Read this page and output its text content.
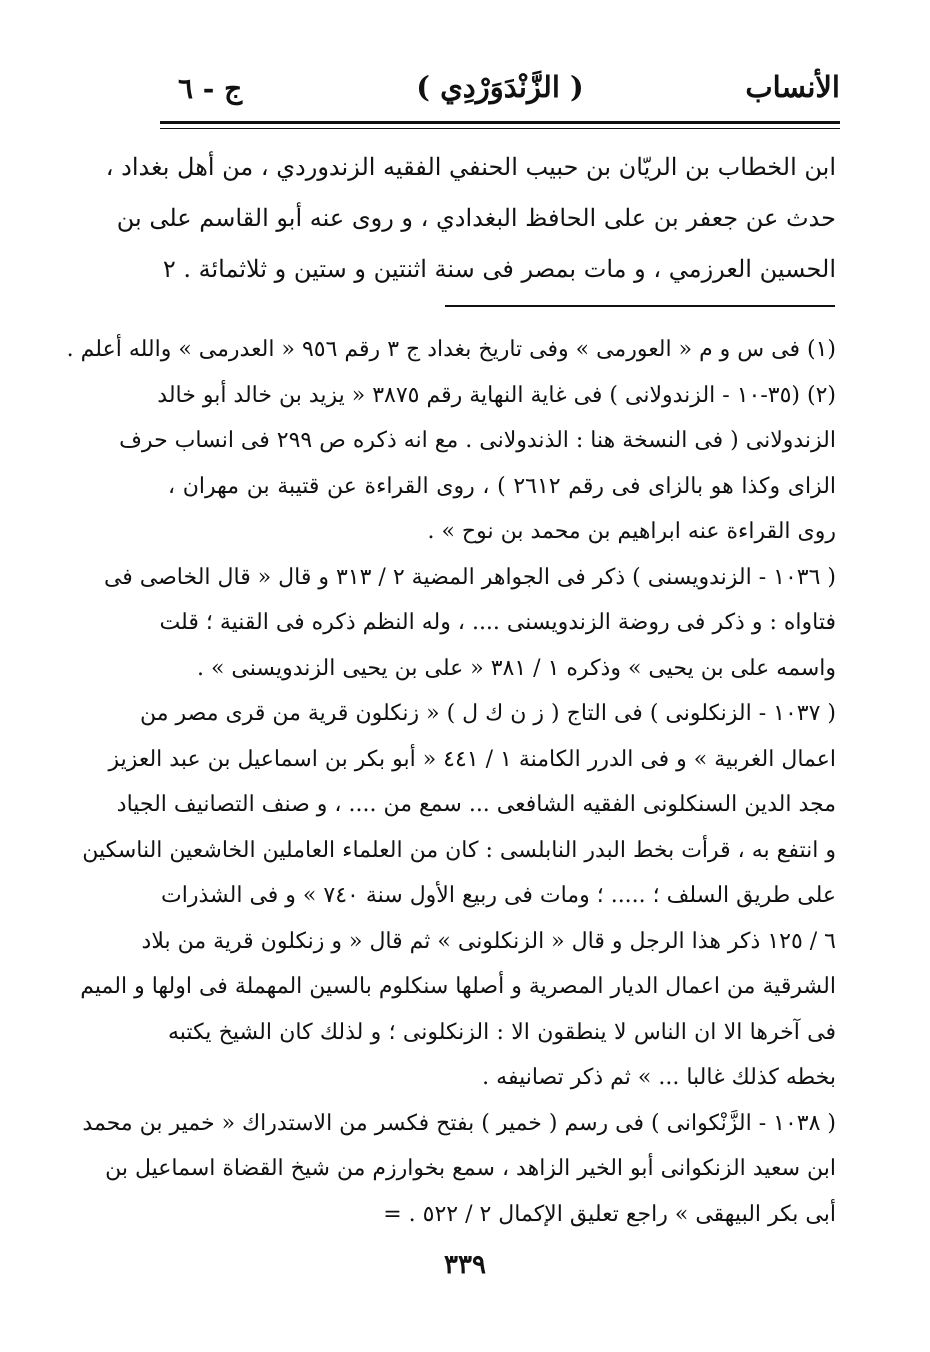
الأنساب
( الزَّنْدَوَرْدِي )
ج - ٦
ابن الخطاب بن الريّان بن حبيب الحنفي الفقيه الزندوردي ، من أهل بغداد ،
حدث عن جعفر بن على الحافظ البغدادي ، و روى عنه أبو القاسم على بن
الحسين العرزمي ، و مات بمصر فى سنة اثنتين و ستين و ثلاثمائة . ٢
(١) فى س و م « العورمى » وفى تاريخ بغداد ج ٣ رقم ٩٥٦ « العدرمى » والله أعلم .
(٢) (٣٥-١٠ - الزندولانى ) فى غاية النهاية رقم ٣٨٧٥ « يزيد بن خالد أبو خالد
الزندولانى ( فى النسخة هنا : الذندولانى . مع انه ذكره ص ٢٩٩ فى انساب حرف
الزاى وكذا هو بالزاى فى رقم ٢٦١٢ ) ، روى القراءة عن قتيبة بن مهران ،
روى القراءة عنه ابراهيم بن محمد بن نوح » .
( ١٠٣٦ - الزندويسنى ) ذكر فى الجواهر المضية ٢ / ٣١٣ و قال « قال الخاصى فى
فتاواه : و ذكر فى روضة الزندويسنى .... ، وله النظم ذكره فى القنية ؛ قلت
واسمه على بن يحيى » وذكره ١ / ٣٨١ « على بن يحيى الزندويسنى » .
( ١٠٣٧ - الزنكلونى ) فى التاج ( ز ن ك ل ) « زنكلون قرية من قرى مصر من
اعمال الغربية » و فى الدرر الكامنة ١ / ٤٤١ « أبو بكر بن اسماعيل بن عبد العزيز
مجد الدين السنكلونى الفقيه الشافعى ... سمع من .... ، و صنف التصانيف الجياد
و انتفع به ، قرأت بخط البدر النابلسى : كان من العلماء العاملين الخاشعين الناسكين
على طريق السلف ؛ ..... ؛ ومات فى ربيع الأول سنة ٧٤٠ » و فى الشذرات
٦ / ١٢٥ ذكر هذا الرجل و قال « الزنكلونى » ثم قال « و زنكلون قرية من بلاد
الشرقية من اعمال الديار المصرية و أصلها سنكلوم بالسين المهملة فى اولها و الميم
فى آخرها الا ان الناس لا ينطقون الا : الزنكلونى ؛ و لذلك كان الشيخ يكتبه
بخطه كذلك غالبا ... » ثم ذكر تصانيفه .
( ١٠٣٨ - الزَّنْكوانى ) فى رسم ( خمير ) بفتح فكسر من الاستدراك « خمير بن محمد
ابن سعيد الزنكوانى أبو الخير الزاهد ، سمع بخوارزم من شيخ القضاة اسماعيل بن
أبى بكر البيهقى » راجع تعليق الإكمال ٢ / ٥٢٢ . =
٣٣٩
